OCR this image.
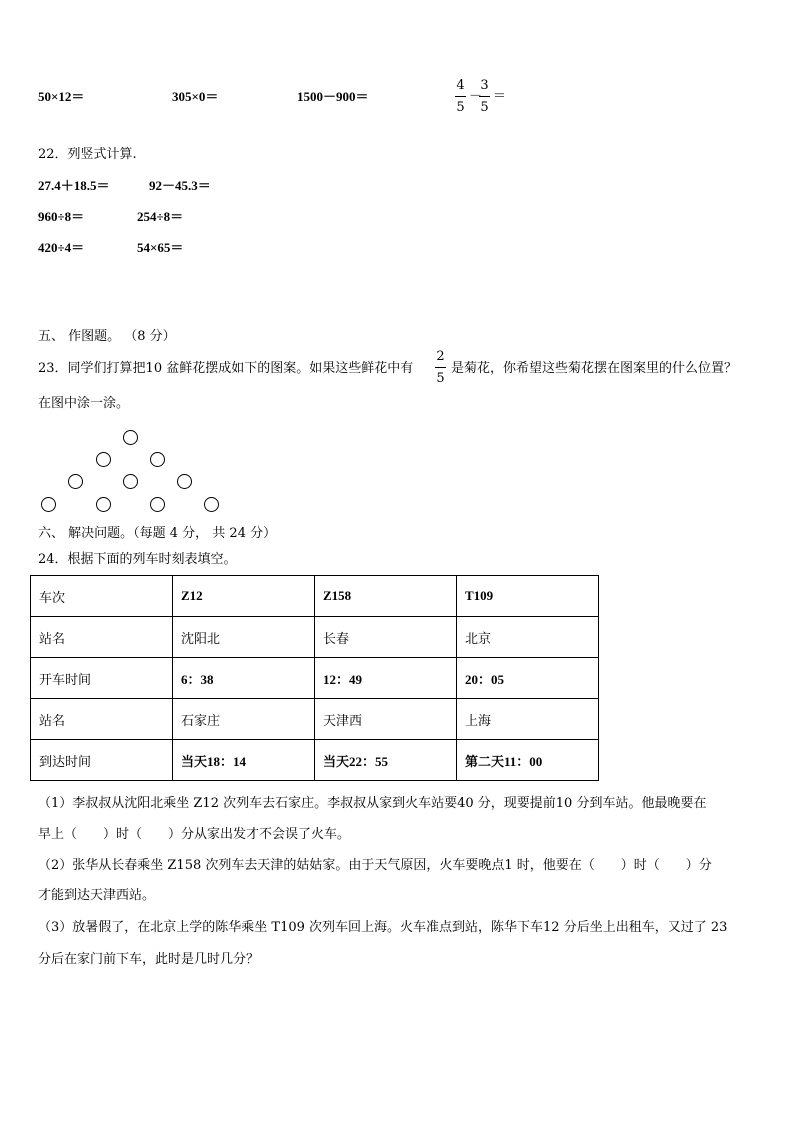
50×12＝	305×0＝	1500－900＝
4
5
－
3
5
＝
22．列竖式计算.
27.4＋18.5＝	92－45.3＝
960÷8＝	254÷8＝
420÷4＝	54×65＝
五、 作图题。 （8 分）
23．同学们打算把10 盆鲜花摆成如下的图案。如果这些鲜花中有
2
5
是菊花，你希望这些菊花摆在图案里的什么位置？
在图中涂一涂。
六、 解决问题。（每题 4 分， 共 24 分）
24．根据下面的列车时刻表填空。
车次	Z12	Z158	T109
站名	沈阳北	长春	北京
开车时间	6：38	12：49	20：05
站名	石家庄	天津西	上海
到达时间	当天18：14	当天22：55	第二天11：00
（1）李叔叔从沈阳北乘坐 Z12 次列车去石家庄。李叔叔从家到火车站要40 分，现要提前10 分到车站。他最晚要在
早上（　　）时（　　）分从家出发才不会误了火车。
（2）张华从长春乘坐 Z158 次列车去天津的姑姑家。由于天气原因，火车要晚点1 时，他要在（　　）时（　　）分
才能到达天津西站。
（3）放暑假了，在北京上学的陈华乘坐 T109 次列车回上海。火车准点到站，陈华下车12 分后坐上出租车，又过了 23
分后在家门前下车，此时是几时几分？
